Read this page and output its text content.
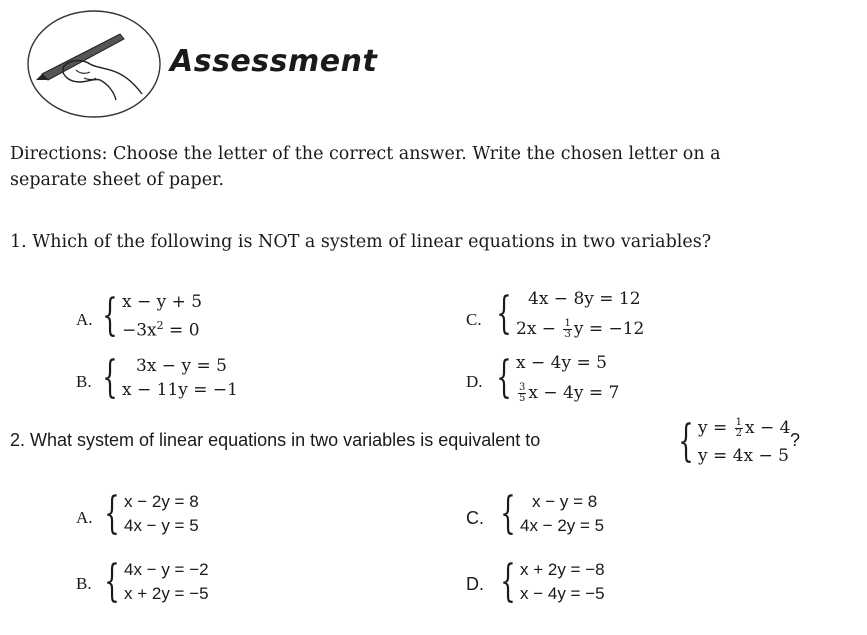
Assessment
Directions: Choose the letter of the correct answer. Write the chosen letter on a
separate sheet of paper.
1. Which of the following is NOT a system of linear equations in two variables?
A. { x − y + 5
$-3x^2 = 0$
C. { 4x − 8y = 12
$2x - \frac{1}{3}$ y = −12
B. {	3x − y = 5
x − 11y = −1	D. { x − 4y = 5
$\frac{3}{5}$ x − 4y = 7
2. What system of linear equations in two variables is equivalent to	{ $y = \frac{1}{2}$ x − 4
y = 4x − 5
?
A. { x − 2y = 8
4x − y = 5	C. { x − y = 8
4x − 2y = 5
B. { 4x − y = −2
x + 2y = −5	D. { x + 2y = −8
x − 4y = −5
